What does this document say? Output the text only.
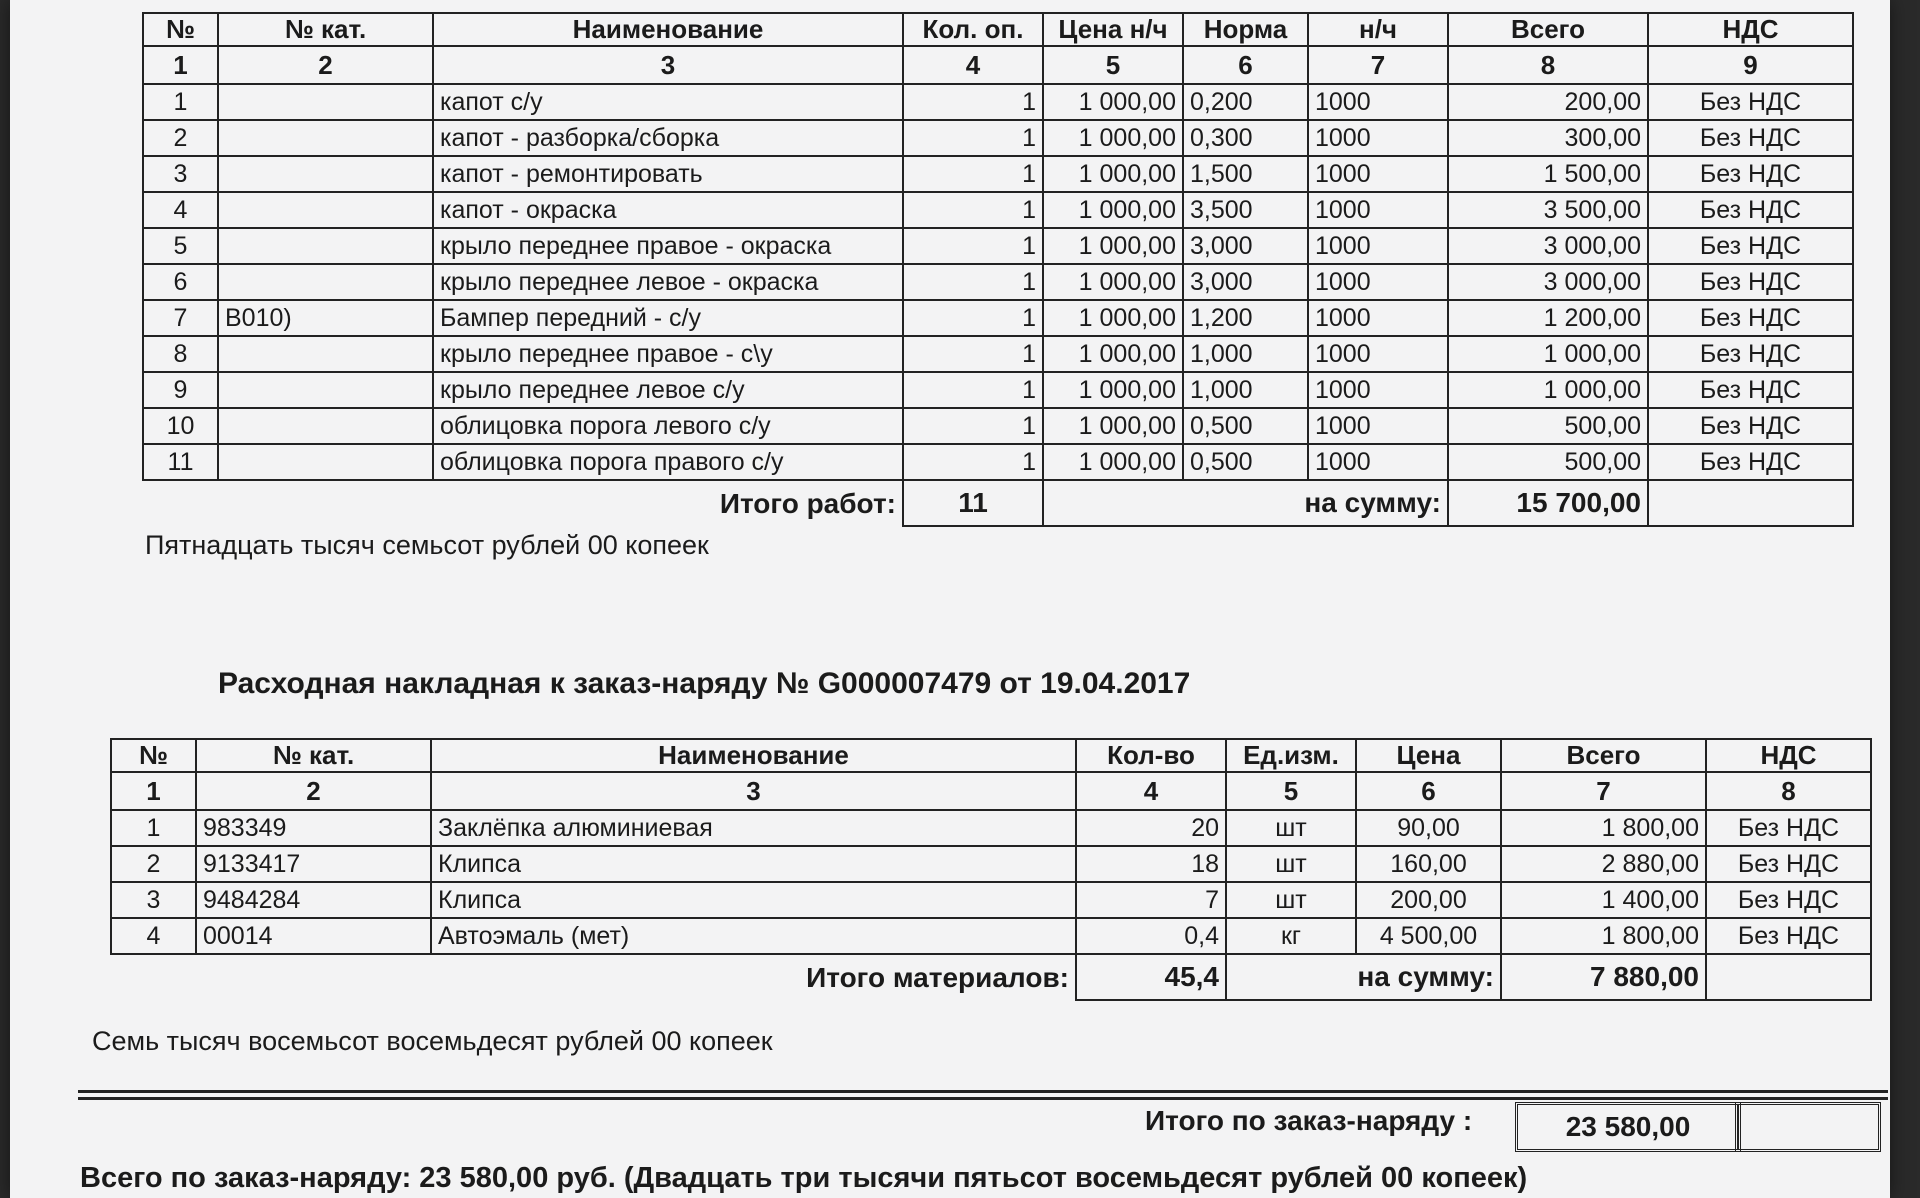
№	№ кат.	Наименование	Кол. оп.	Цена н/ч	Норма	н/ч	Всего	НДС
1	2	3	4	5	6	7	8	9
1		капот с/у	1	1 000,00	0,200	1000	200,00	Без НДС
2		капот - разборка/сборка	1	1 000,00	0,300	1000	300,00	Без НДС
3		капот - ремонтировать	1	1 000,00	1,500	1000	1 500,00	Без НДС
4		капот - окраска	1	1 000,00	3,500	1000	3 500,00	Без НДС
5		крыло переднее правое - окраска	1	1 000,00	3,000	1000	3 000,00	Без НДС
6		крыло переднее левое - окраска	1	1 000,00	3,000	1000	3 000,00	Без НДС
7	B010)	Бампер передний - с/у	1	1 000,00	1,200	1000	1 200,00	Без НДС
8		крыло переднее правое - с\у	1	1 000,00	1,000	1000	1 000,00	Без НДС
9		крыло переднее левое с/у	1	1 000,00	1,000	1000	1 000,00	Без НДС
10		облицовка порога левого с/у	1	1 000,00	0,500	1000	500,00	Без НДС
11		облицовка порога правого с/у	1	1 000,00	0,500	1000	500,00	Без НДС
Итого работ:			11	на сумму:			15 700,00	
Пятнадцать тысяч семьсот рублей 00 копеек
Расходная накладная к заказ-наряду № G000007479 от 19.04.2017
№	№ кат.	Наименование	Кол-во	Ед.изм.	Цена	Всего	НДС
1	2	3	4	5	6	7	8
1	983349	Заклёпка алюминиевая	20	шт	90,00	1 800,00	Без НДС
2	9133417	Клипса	18	шт	160,00	2 880,00	Без НДС
3	9484284	Клипса	7	шт	200,00	1 400,00	Без НДС
4	00014	Автоэмаль (мет)	0,4	кг	4 500,00	1 800,00	Без НДС
Итого материалов:			45,4	на сумму:		7 880,00	
Семь тысяч восемьсот восемьдесят рублей 00 копеек
Итого по заказ-наряду :	23 580,00
Всего по заказ-наряду: 23 580,00 руб. (Двадцать три тысячи пятьсот восемьдесят рублей 00 копеек)
